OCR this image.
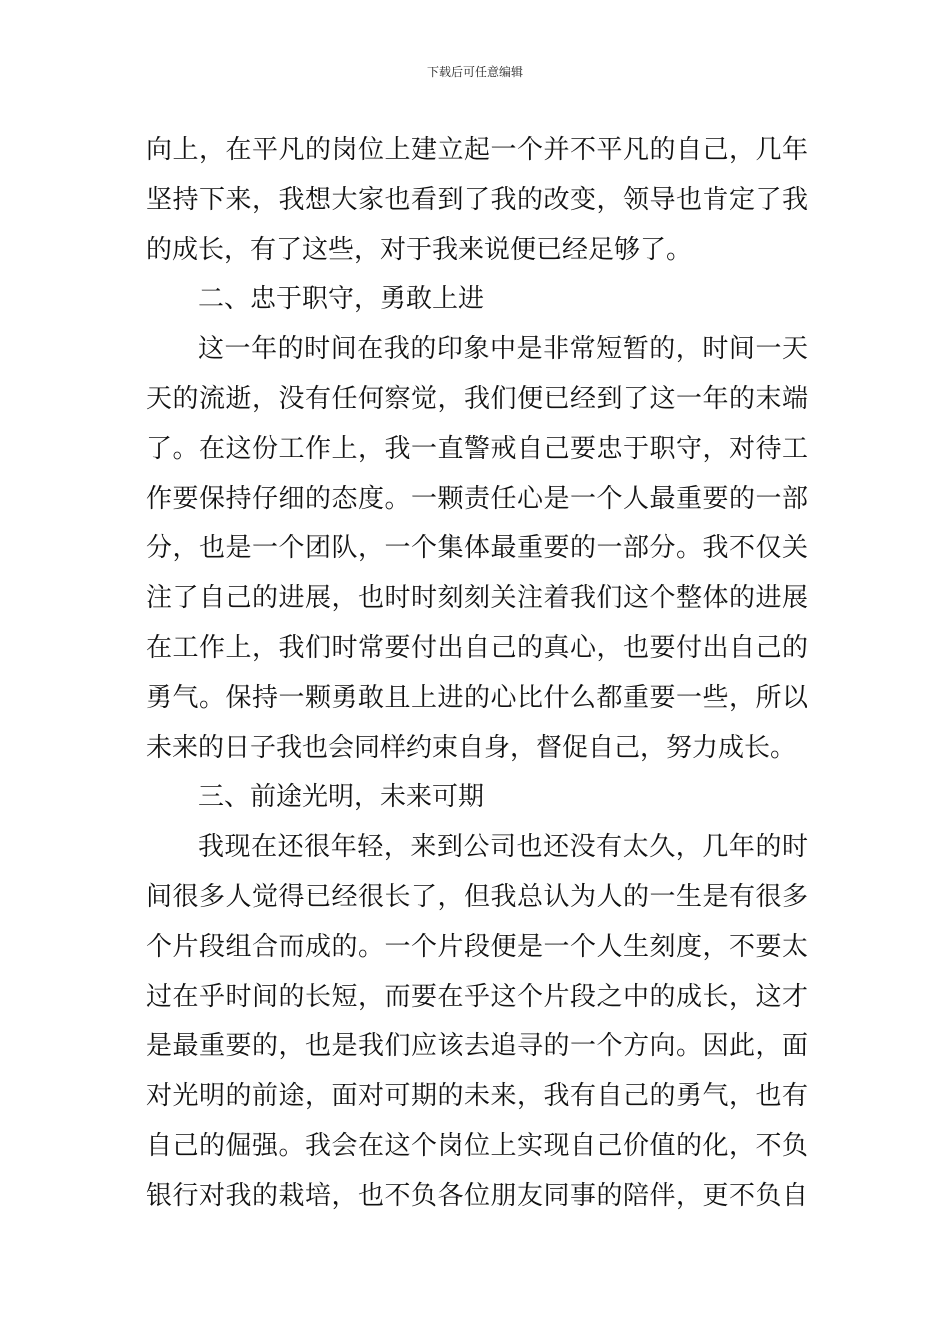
下载后可任意编辑
向上，在平凡的岗位上建立起一个并不平凡的自己，几年
坚持下来，我想大家也看到了我的改变，领导也肯定了我
的成长，有了这些，对于我来说便已经足够了。
二、忠于职守，勇敢上进
这一年的时间在我的印象中是非常短暂的，时间一天
天的流逝，没有任何察觉，我们便已经到了这一年的末端
了。在这份工作上，我一直警戒自己要忠于职守，对待工
作要保持仔细的态度。一颗责任心是一个人最重要的一部
分，也是一个团队，一个集体最重要的一部分。我不仅关
注了自己的进展，也时时刻刻关注着我们这个整体的进展
在工作上，我们时常要付出自己的真心，也要付出自己的
勇气。保持一颗勇敢且上进的心比什么都重要一些，所以
未来的日子我也会同样约束自身，督促自己，努力成长。
三、前途光明，未来可期
我现在还很年轻，来到公司也还没有太久，几年的时
间很多人觉得已经很长了，但我总认为人的一生是有很多
个片段组合而成的。一个片段便是一个人生刻度，不要太
过在乎时间的长短，而要在乎这个片段之中的成长，这才
是最重要的，也是我们应该去追寻的一个方向。因此，面
对光明的前途，面对可期的未来，我有自己的勇气，也有
自己的倔强。我会在这个岗位上实现自己价值的化，不负
银行对我的栽培，也不负各位朋友同事的陪伴，更不负自
